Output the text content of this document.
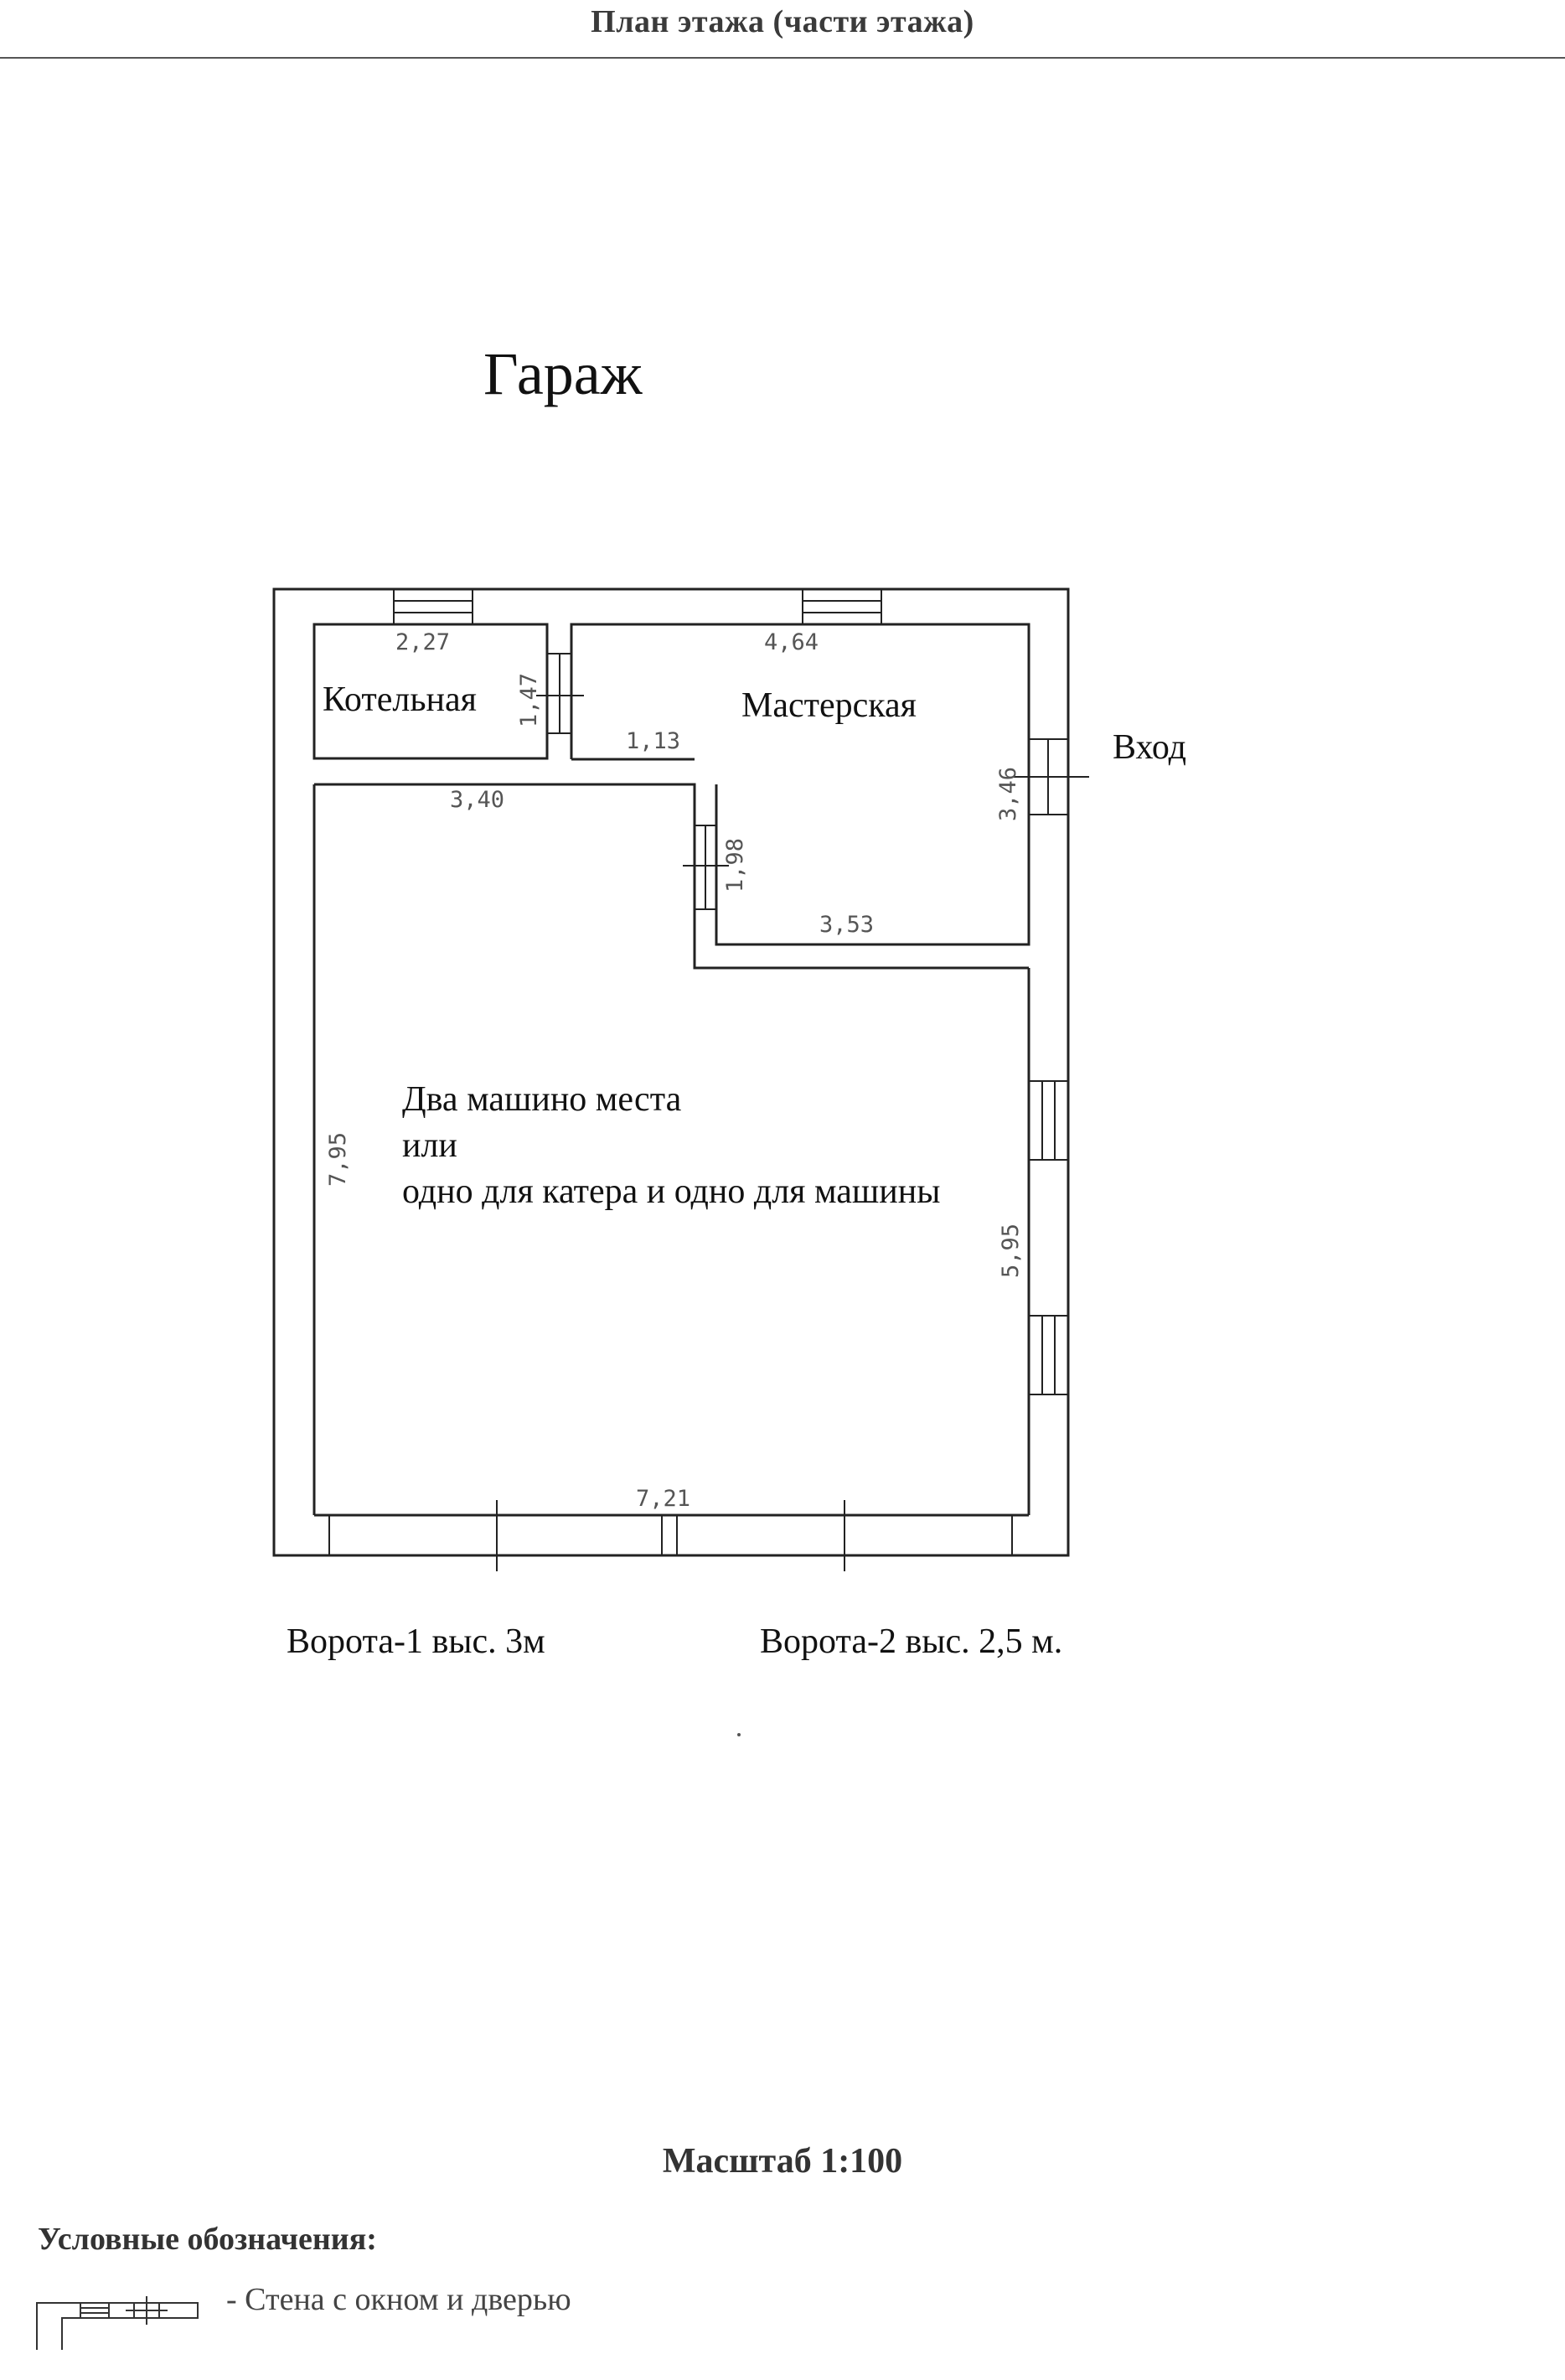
План этажа (части этажа)
Гараж
2,27
1,47
4,64
1,13
3,46
3,40
1,98
3,53
7,95
5,95
7,21
Котельная	Мастерская
Вход
Два машино места
или
одно для катера и одно для машины
Ворота-1 выс. 3м	Ворота-2 выс. 2,5 м.
Масштаб 1:100
Условные обозначения:
- Стена с окном и дверью
